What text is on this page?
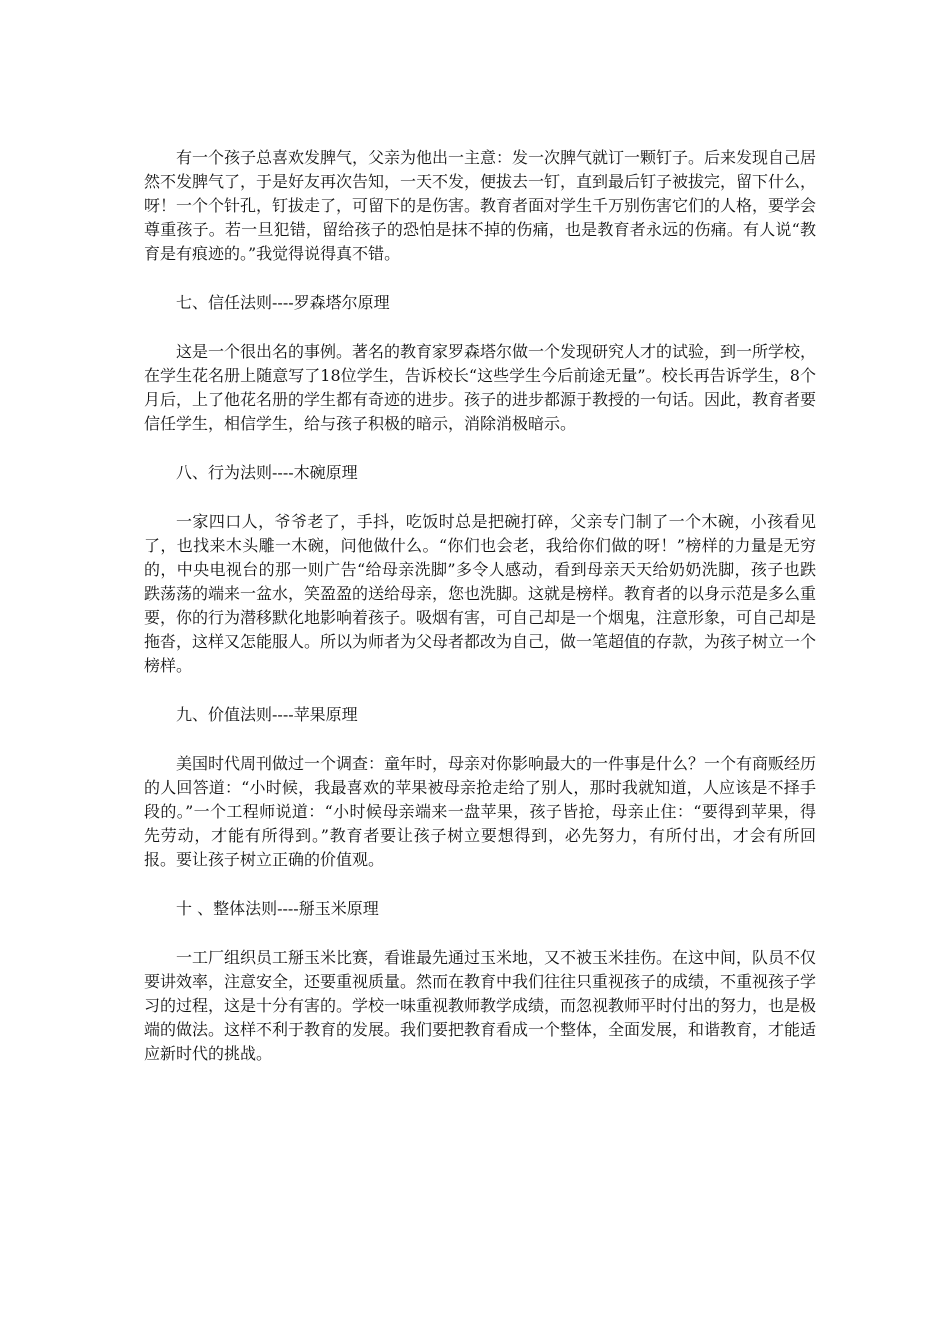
有一个孩子总喜欢发脾气，父亲为他出一主意：发一次脾气就订一颗钉子。后来发现自己居然不发脾气了，于是好友再次告知，一天不发，便拔去一钉，直到最后钉子被拔完，留下什么，呀！一个个针孔，钉拔走了，可留下的是伤害。教育者面对学生千万别伤害它们的人格，要学会尊重孩子。若一旦犯错，留给孩子的恐怕是抹不掉的伤痛，也是教育者永远的伤痛。有人说“教育是有痕迹的。”我觉得说得真不错。

七、信任法则----罗森塔尔原理

这是一个很出名的事例。著名的教育家罗森塔尔做一个发现研究人才的试验，到一所学校，在学生花名册上随意写了18位学生，告诉校长“这些学生今后前途无量”。校长再告诉学生，8个月后，上了他花名册的学生都有奇迹的进步。孩子的进步都源于教授的一句话。因此，教育者要信任学生，相信学生，给与孩子积极的暗示，消除消极暗示。

八、行为法则----木碗原理

一家四口人，爷爷老了，手抖，吃饭时总是把碗打碎，父亲专门制了一个木碗，小孩看见了，也找来木头雕一木碗，问他做什么。“你们也会老，我给你们做的呀！”榜样的力量是无穷的，中央电视台的那一则广告“给母亲洗脚”多令人感动，看到母亲天天给奶奶洗脚，孩子也跌跌荡荡的端来一盆水，笑盈盈的送给母亲，您也洗脚。这就是榜样。教育者的以身示范是多么重要，你的行为潜移默化地影响着孩子。吸烟有害，可自己却是一个烟鬼，注意形象，可自己却是拖沓，这样又怎能服人。所以为师者为父母者都改为自己，做一笔超值的存款，为孩子树立一个榜样。

九、价值法则----苹果原理

美国时代周刊做过一个调查：童年时，母亲对你影响最大的一件事是什么？一个有商贩经历的人回答道：“小时候，我最喜欢的苹果被母亲抢走给了别人，那时我就知道，人应该是不择手段的。”一个工程师说道：“小时候母亲端来一盘苹果，孩子皆抢，母亲止住：“要得到苹果，得先劳动，才能有所得到。”教育者要让孩子树立要想得到，必先努力，有所付出，才会有所回报。要让孩子树立正确的价值观。

十 、整体法则----掰玉米原理

一工厂组织员工掰玉米比赛，看谁最先通过玉米地，又不被玉米挂伤。在这中间，队员不仅要讲效率，注意安全，还要重视质量。然而在教育中我们往往只重视孩子的成绩，不重视孩子学习的过程，这是十分有害的。学校一味重视教师教学成绩，而忽视教师平时付出的努力，也是极端的做法。这样不利于教育的发展。我们要把教育看成一个整体，全面发展，和谐教育，才能适应新时代的挑战。
